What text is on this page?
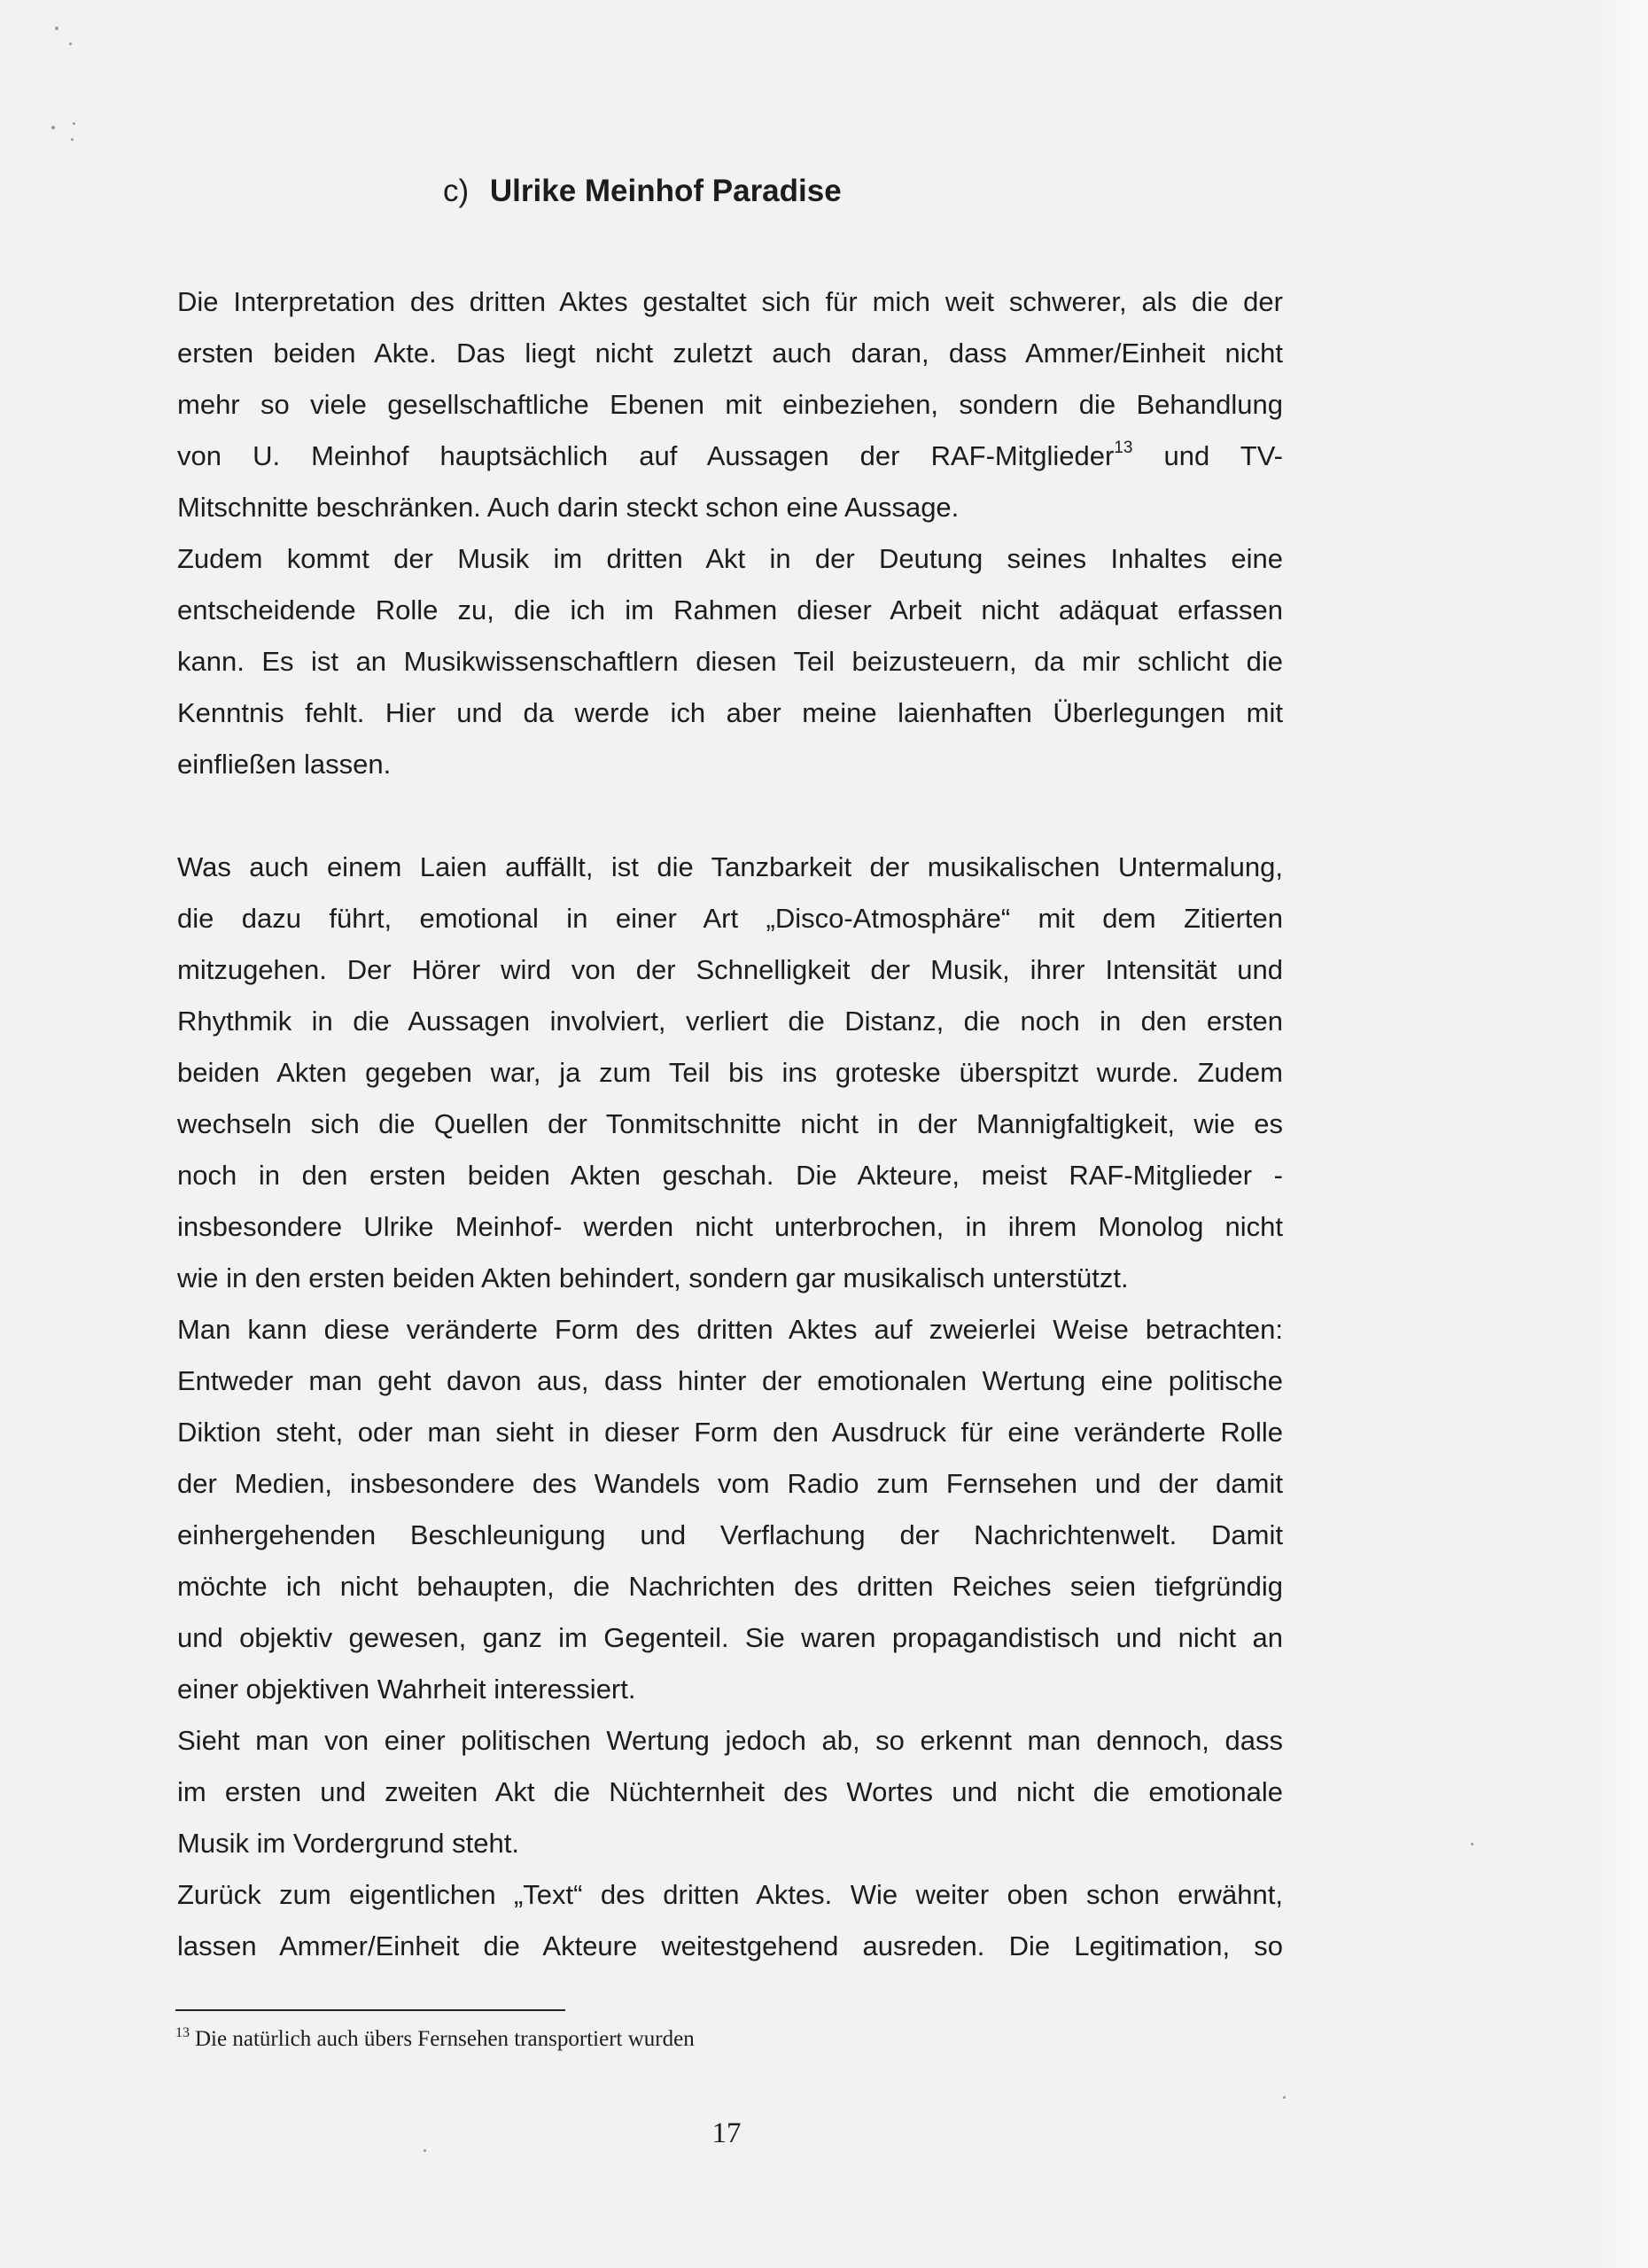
c) Ulrike Meinhof Paradise
Die Interpretation des dritten Aktes gestaltet sich für mich weit schwerer, als die der
ersten beiden Akte. Das liegt nicht zuletzt auch daran, dass Ammer/Einheit nicht
mehr so viele gesellschaftliche Ebenen mit einbeziehen, sondern die Behandlung
von U. Meinhof hauptsächlich auf Aussagen der RAF-Mitglieder$^{13}$ und TV-
Mitschnitte beschränken. Auch darin steckt schon eine Aussage.
Zudem kommt der Musik im dritten Akt in der Deutung seines Inhaltes eine
entscheidende Rolle zu, die ich im Rahmen dieser Arbeit nicht adäquat erfassen
kann. Es ist an Musikwissenschaftlern diesen Teil beizusteuern, da mir schlicht die
Kenntnis fehlt. Hier und da werde ich aber meine laienhaften Überlegungen mit
einfließen lassen.
Was auch einem Laien auffällt, ist die Tanzbarkeit der musikalischen Untermalung,
die dazu führt, emotional in einer Art „Disco-Atmosphäre“ mit dem Zitierten
mitzugehen. Der Hörer wird von der Schnelligkeit der Musik, ihrer Intensität und
Rhythmik in die Aussagen involviert, verliert die Distanz, die noch in den ersten
beiden Akten gegeben war, ja zum Teil bis ins groteske überspitzt wurde. Zudem
wechseln sich die Quellen der Tonmitschnitte nicht in der Mannigfaltigkeit, wie es
noch in den ersten beiden Akten geschah. Die Akteure, meist RAF-Mitglieder -
insbesondere Ulrike Meinhof- werden nicht unterbrochen, in ihrem Monolog nicht
wie in den ersten beiden Akten behindert, sondern gar musikalisch unterstützt.
Man kann diese veränderte Form des dritten Aktes auf zweierlei Weise betrachten:
Entweder man geht davon aus, dass hinter der emotionalen Wertung eine politische
Diktion steht, oder man sieht in dieser Form den Ausdruck für eine veränderte Rolle
der Medien, insbesondere des Wandels vom Radio zum Fernsehen und der damit
einhergehenden Beschleunigung und Verflachung der Nachrichtenwelt. Damit
möchte ich nicht behaupten, die Nachrichten des dritten Reiches seien tiefgründig
und objektiv gewesen, ganz im Gegenteil. Sie waren propagandistisch und nicht an
einer objektiven Wahrheit interessiert.
Sieht man von einer politischen Wertung jedoch ab, so erkennt man dennoch, dass
im ersten und zweiten Akt die Nüchternheit des Wortes und nicht die emotionale
Musik im Vordergrund steht.
Zurück zum eigentlichen „Text“ des dritten Aktes. Wie weiter oben schon erwähnt,
lassen Ammer/Einheit die Akteure weitestgehend ausreden. Die Legitimation, so
$^{13}$ Die natürlich auch übers Fernsehen transportiert wurden
17
